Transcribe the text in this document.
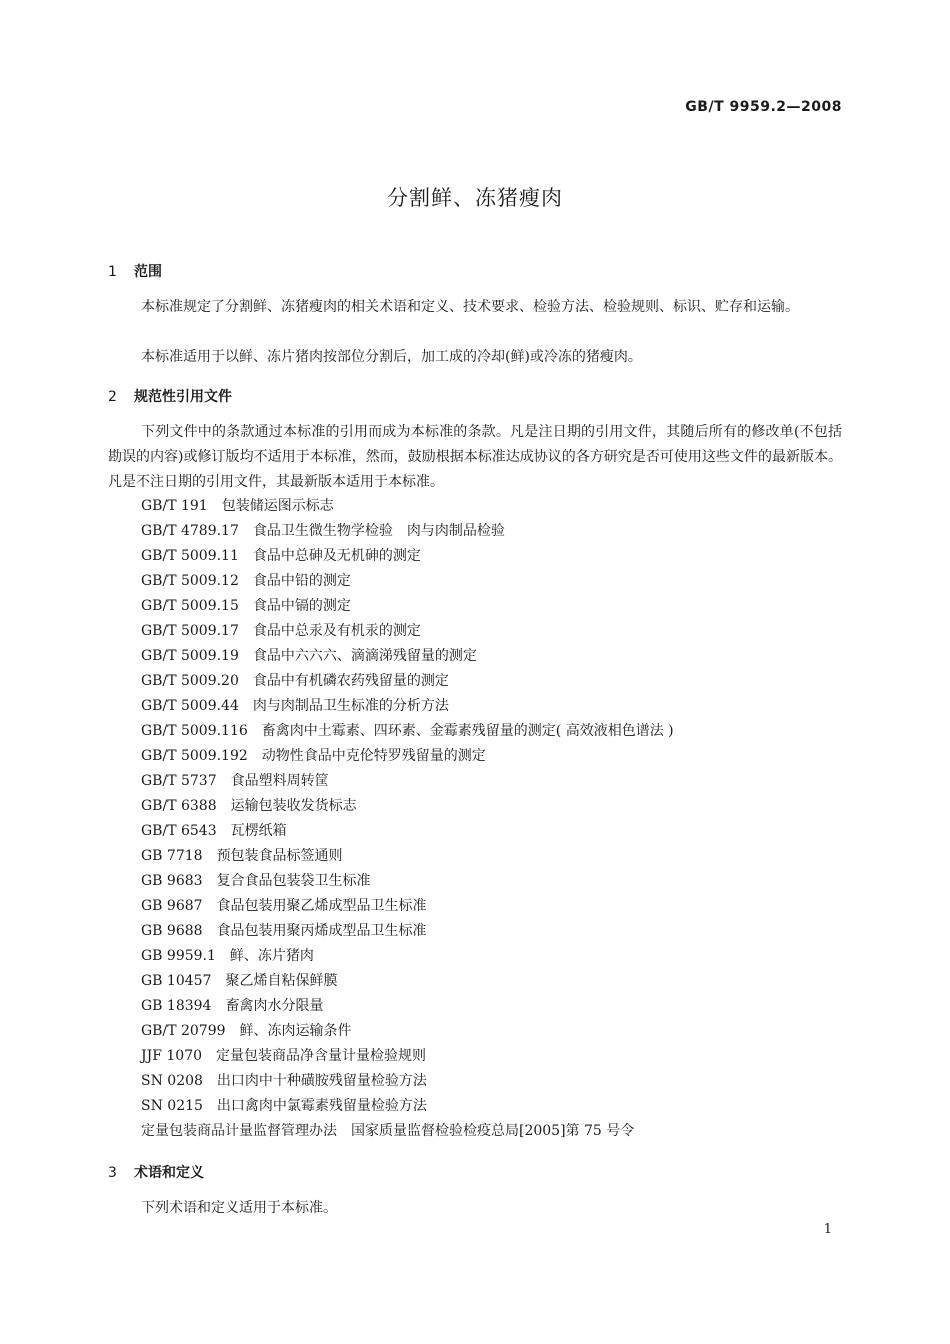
GB/T 9959.2—2008
分割鲜、冻猪瘦肉
1 范围
本标准规定了分割鲜、冻猪瘦肉的相关术语和定义、技术要求、检验方法、检验规则、标识、贮存和运输。
本标准适用于以鲜、冻片猪肉按部位分割后，加工成的冷却(鲜)或冷冻的猪瘦肉。
2 规范性引用文件
下列文件中的条款通过本标准的引用而成为本标准的条款。凡是注日期的引用文件，其随后所有的修改单(不包括勘误的内容)或修订版均不适用于本标准，然而，鼓励根据本标准达成协议的各方研究是否可使用这些文件的最新版本。凡是不注日期的引用文件，其最新版本适用于本标准。
GB/T 191 包装储运图示标志
GB/T 4789.17 食品卫生微生物学检验　肉与肉制品检验
GB/T 5009.11 食品中总砷及无机砷的测定
GB/T 5009.12 食品中铅的测定
GB/T 5009.15 食品中镉的测定
GB/T 5009.17 食品中总汞及有机汞的测定
GB/T 5009.19 食品中六六六、滴滴涕残留量的测定
GB/T 5009.20 食品中有机磷农药残留量的测定
GB/T 5009.44 肉与肉制品卫生标准的分析方法
GB/T 5009.116 畜禽肉中土霉素、四环素、金霉素残留量的测定( 高效液相色谱法 )
GB/T 5009.192 动物性食品中克伦特罗残留量的测定
GB/T 5737 食品塑料周转筐
GB/T 6388 运输包装收发货标志
GB/T 6543 瓦楞纸箱
GB 7718 预包装食品标签通则
GB 9683 复合食品包装袋卫生标准
GB 9687 食品包装用聚乙烯成型品卫生标准
GB 9688 食品包装用聚丙烯成型品卫生标准
GB 9959.1 鲜、冻片猪肉
GB 10457 聚乙烯自粘保鲜膜
GB 18394 畜禽肉水分限量
GB/T 20799 鲜、冻肉运输条件
JJF 1070 定量包装商品净含量计量检验规则
SN 0208 出口肉中十种磺胺残留量检验方法
SN 0215 出口禽肉中氯霉素残留量检验方法
定量包装商品计量监督管理办法 国家质量监督检验检疫总局[2005]第 75 号令
3 术语和定义
下列术语和定义适用于本标准。
1
